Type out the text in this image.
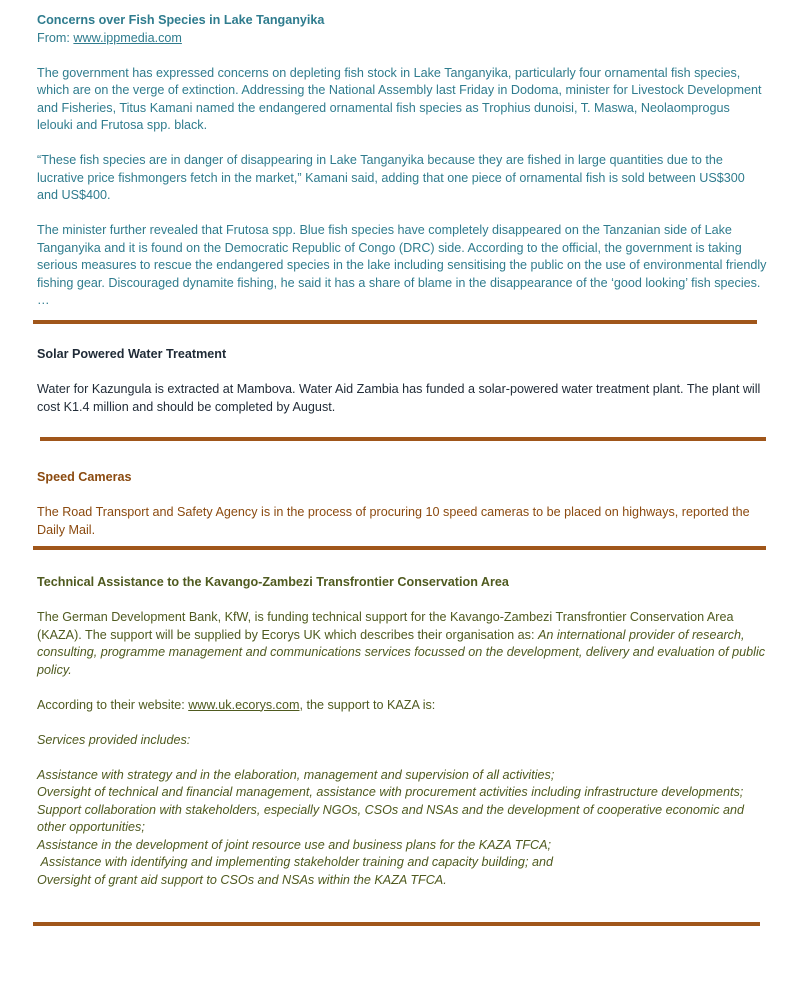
Concerns over Fish Species in Lake Tanganyika

From: www.ippmedia.com

The government has expressed concerns on depleting fish stock in Lake Tanganyika, particularly four ornamental fish species, which are on the verge of extinction. Addressing the National Assembly last Friday in Dodoma, minister for Livestock Development and Fisheries, Titus Kamani named the endangered ornamental fish species as Trophius dunoisi, T. Maswa, Neolaomprogus lelouki and Frutosa spp. black.

“These fish species are in danger of disappearing in Lake Tanganyika because they are fished in large quantities due to the lucrative price fishmongers fetch in the market,” Kamani said, adding that one piece of ornamental fish is sold between US$300 and US$400.

The minister further revealed that Frutosa spp. Blue fish species have completely disappeared on the Tanzanian side of Lake Tanganyika and it is found on the Democratic Republic of Congo (DRC) side. According to the official, the government is taking serious measures to rescue the endangered species in the lake including sensitising the public on the use of environmental friendly fishing gear. Discouraged dynamite fishing, he said it has a share of blame in the disappearance of the ‘good looking’ fish species. …

Solar Powered Water Treatment

Water for Kazungula is extracted at Mambova. Water Aid Zambia has funded a solar-powered water treatment plant. The plant will cost K1.4 million and should be completed by August.

Speed Cameras

The Road Transport and Safety Agency is in the process of procuring 10 speed cameras to be placed on highways, reported the Daily Mail.

Technical Assistance to the Kavango-Zambezi Transfrontier Conservation Area

The German Development Bank, KfW, is funding technical support for the Kavango-Zambezi Transfrontier Conservation Area (KAZA). The support will be supplied by Ecorys UK which describes their organisation as: An international provider of research, consulting, programme management and communications services focussed on the development, delivery and evaluation of public policy.

According to their website: www.uk.ecorys.com, the support to KAZA is:

Services provided includes:

Assistance with strategy and in the elaboration, management and supervision of all activities;
Oversight of technical and financial management, assistance with procurement activities including infrastructure developments;
Support collaboration with stakeholders, especially NGOs, CSOs and NSAs and the development of cooperative economic and other opportunities;
Assistance in the development of joint resource use and business plans for the KAZA TFCA;
Assistance with identifying and implementing stakeholder training and capacity building; and
Oversight of grant aid support to CSOs and NSAs within the KAZA TFCA.
